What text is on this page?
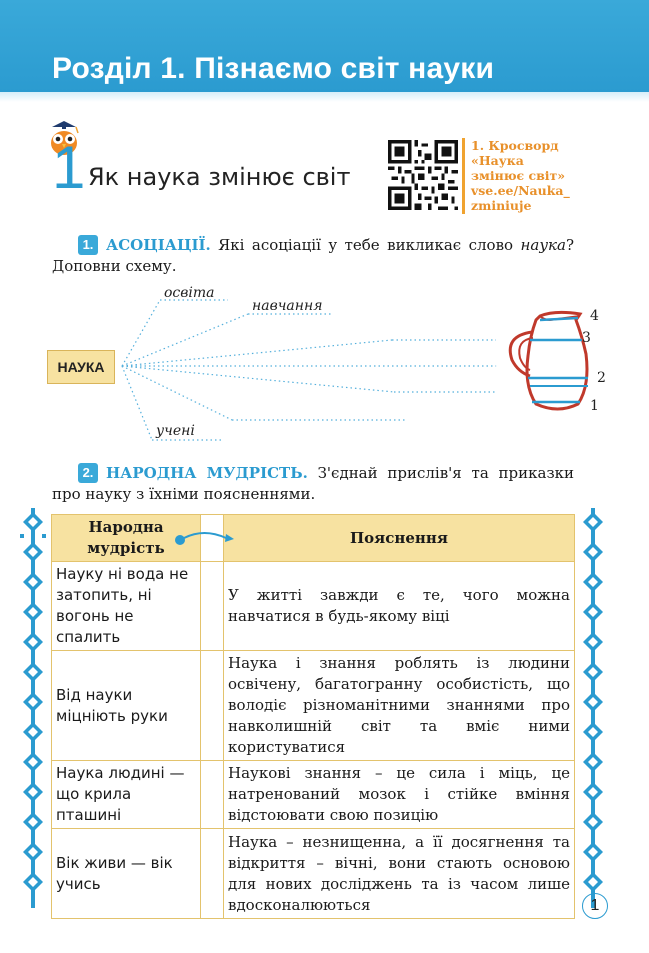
Розділ 1. Пізнаємо світ науки
1 Як наука змінює світ
1. Кросворд
«Наука
змінює світ»
vse.ee/Nauka_
zminiuje
1. АСОЦІАЦІЇ. Які асоціації у тебе викликає слово наука? Доповни схему.
НАУКА
освіта
навчання
учені
4
3
2
1
2. НАРОДНА МУДРІСТЬ. З'єднай прислів'я та приказки про науку з їхніми поясненнями.
Народна мудрість		Пояснення
Науку ні вода не затопить, ні вогонь не спалить		У житті завжди є те, чого можна навчатися в будь-якому віці
Від науки міцніють руки		Наука і знання роблять із людини освічену, багатогранну особистість, що володіє різноманітними знаннями про навколишній світ та вміє ними користуватися
Наука людині — що крила пташині		Наукові знання – це сила і міць, це натренований мозок і стійке вміння відстоювати свою позицію
Вік живи — вік учись		Наука – незнищенна, а її досягнення та відкриття – вічні, вони стають основою для нових досліджень та із часом лише вдосконалюються	1
